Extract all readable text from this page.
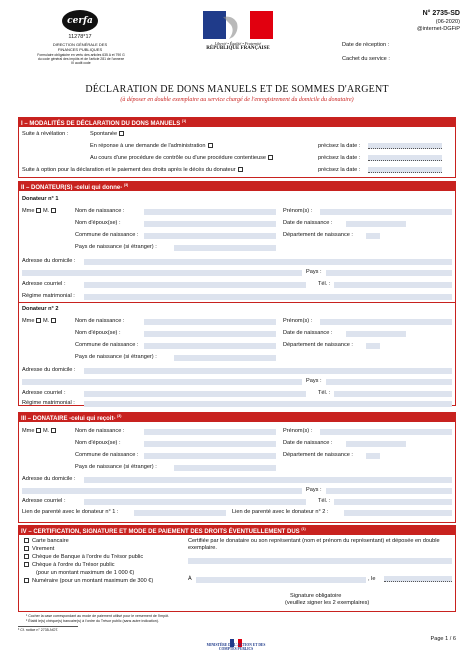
cerfa
11278*17
DIRECTION GÉNÉRALE DES FINANCES PUBLIQUES
Formulaire obligatoire en vertu des articles 635 A et 790 G du code général des impôts et de l'article 281 de l'annexe III audit code
Liberté • Égalité • Fraternité
RÉPUBLIQUE FRANÇAISE
N° 2735-SD
(06-2020)
@internet-DGFiP
Date de réception :
Cachet du service :
DÉCLARATION DE DONS MANUELS ET DE SOMMES D'ARGENT
(à déposer en double exemplaire au service chargé de l'enregistrement du domicile du donataire)
I – MODALITÉS DE DÉCLARATION DU DONS MANUELS $^{(1)}$
Suite à révélation :	Spontanée
En réponse à une demande de l'administration	précisez la date :
Au cours d'une procédure de contrôle ou d'une procédure contentieuse	précisez la date :
Suite à option pour la déclaration et le paiement des droits après le décès du donateur	précisez la date :
II – DONATEUR(S) -celui qui donne- $^{(3)}$
Donateur n° 1
Mme M.	Nom de naissance :	Prénom(s) :
Nom d'époux(se) :	Date de naissance :
Commune de naissance :	Département de naissance :
Pays de naissance (si étranger) :
Adresse du domicile :
Pays :
Adresse courriel :	Tél. :
Régime matrimonial :
Donateur n° 2
Mme M.	Nom de naissance :	Prénom(s) :
Nom d'époux(se) :	Date de naissance :
Commune de naissance :	Département de naissance :
Pays de naissance (si étranger) :
Adresse du domicile :
Pays :
Adresse courriel :	Tél. :
Régime matrimonial :
III – DONATAIRE -celui qui reçoit- $^{(3)}$
Mme M.	Nom de naissance :	Prénom(s) :
Nom d'époux(se) :	Date de naissance :
Commune de naissance :	Département de naissance :
Pays de naissance (si étranger) :
Adresse du domicile :
Pays :
Adresse courriel :	Tél. :
Lien de parenté avec le donateur n° 1 :	Lien de parenté avec le donateur n° 2 :
IV – CERTIFICATION, SIGNATURE ET MODE DE PAIEMENT DES DROITS ÉVENTUELLEMENT DUS $^{(1)}$
Carte bancaire
Virement
Chèque de Banque à l'ordre du Trésor public
Chèque à l'ordre du Trésor public
(pour un montant maximum de 1 000 €)
Numéraire (pour un montant maximum de 300 €)
Certifiée par le donataire ou son représentant (nom et prénom du représentant) et déposée en double exemplaire.
À	, le
Signature obligatoire
(veuillez signer les 2 exemplaires)
¹ Cocher la case correspondant au mode de paiement utilisé pour le versement de l'impôt.
² Établi le(s) chèque(s) bancaire(s) à l'ordre du Trésor public (sans autre indication).
³ Cf. notice n° 2735-NOT.
MINISTÈRE DE L'ACTION ET DES COMPTES PUBLICS
Page 1 / 6
